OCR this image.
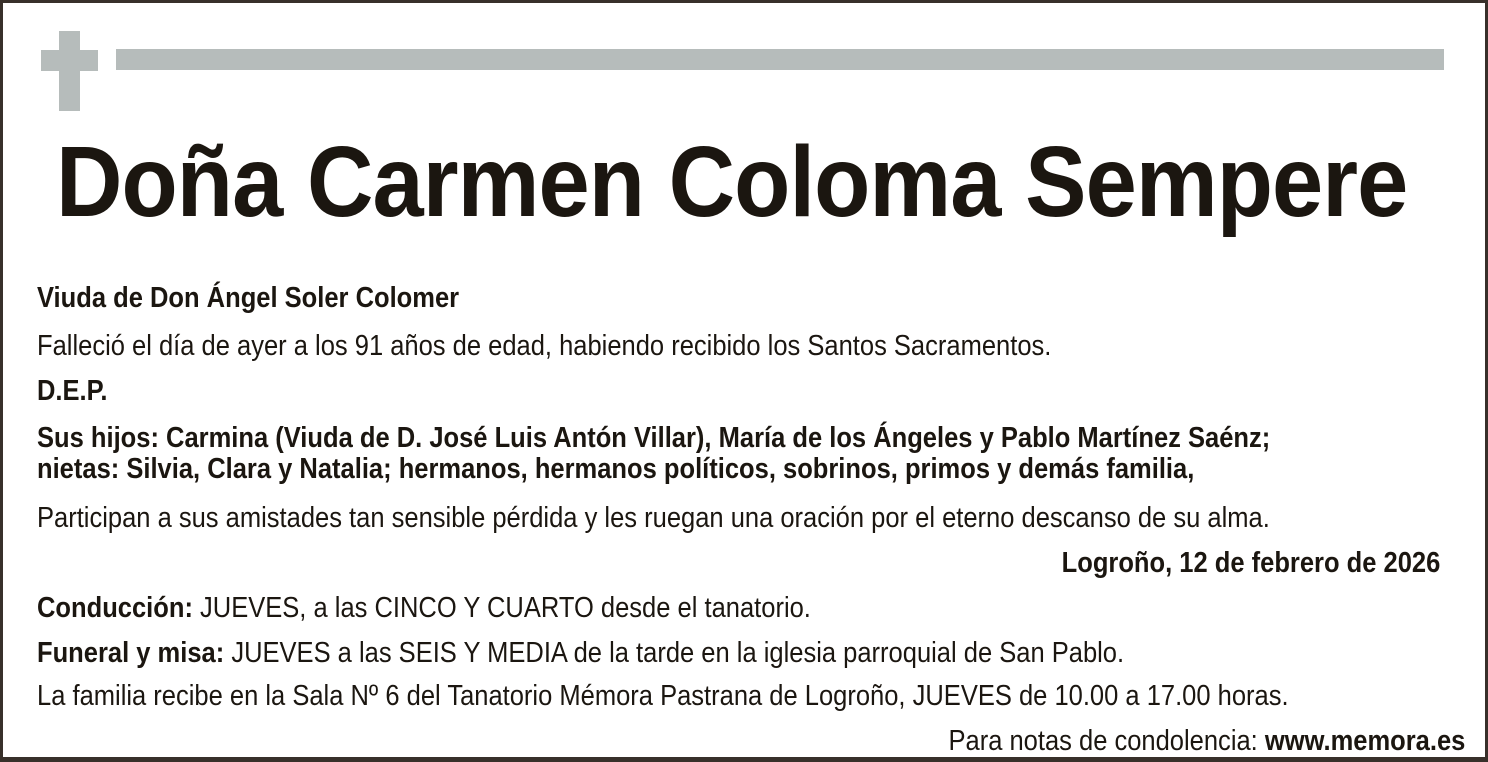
Doña Carmen Coloma Sempere
Viuda de Don Ángel Soler Colomer
Falleció el día de ayer a los 91 años de edad, habiendo recibido los Santos Sacramentos.
D.E.P.
Sus hijos: Carmina (Viuda de D. José Luis Antón Villar), María de los Ángeles y Pablo Martínez Saénz;
nietas: Silvia, Clara y Natalia; hermanos, hermanos políticos, sobrinos, primos y demás familia,
Participan a sus amistades tan sensible pérdida y les ruegan una oración por el eterno descanso de su alma.
Logroño, 12 de febrero de 2026
Conducción: JUEVES, a las CINCO Y CUARTO desde el tanatorio.
Funeral y misa: JUEVES a las SEIS Y MEDIA de la tarde en la iglesia parroquial de San Pablo.
La familia recibe en la Sala Nº 6 del Tanatorio Mémora Pastrana de Logroño, JUEVES de 10.00 a 17.00 horas.
Para notas de condolencia: www.memora.es
